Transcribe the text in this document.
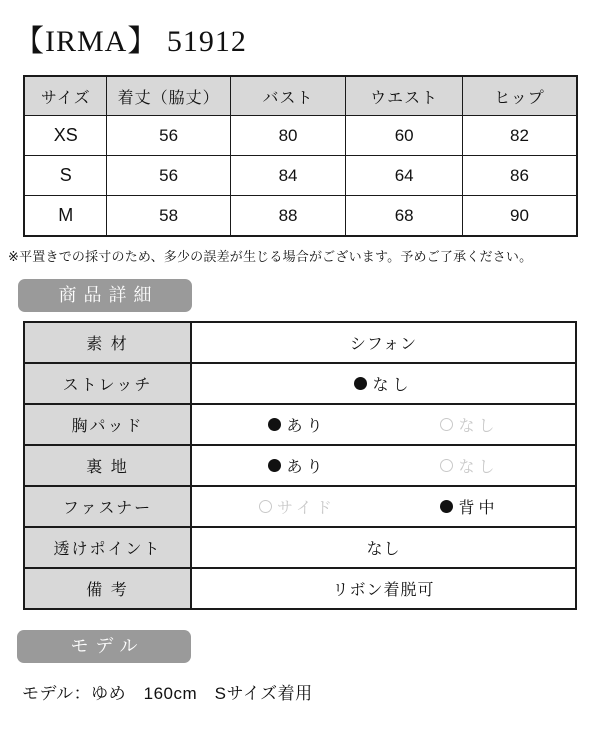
【IRMA】 51912
サイズ	着丈（脇丈）	バスト	ウエスト	ヒップ
XS	56	80	60	82
S	56	84	64	86
M	58	88	68	90

※平置きでの採寸のため、多少の誤差が生じる場合がございます。予めご了承ください。

商品詳細
素 材	シフォン
ストレッチ	なし

胸パッド	あり なし

裏 地	あり なし

ファスナー	サイド 背中

透けポイント	なし
備 考	リボン着脱可
モデル

モデル：ゆめ　160cm　Sサイズ着用
